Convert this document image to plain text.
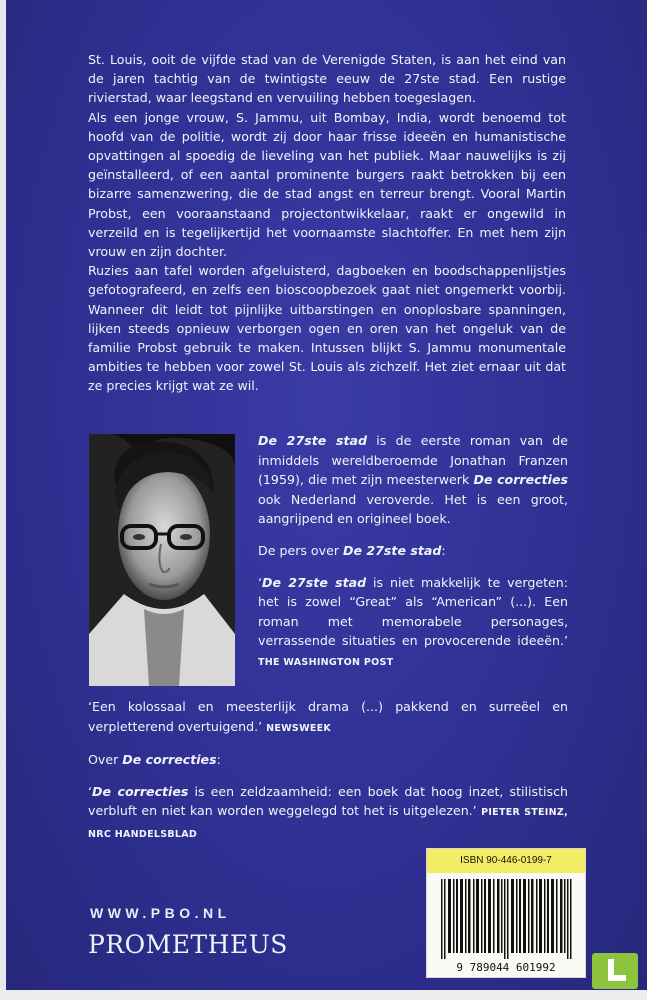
St. Louis, ooit de vijfde stad van de Verenigde Staten, is aan het eind van de jaren tachtig van de twintigste eeuw de 27ste stad. Een rustige rivierstad, waar leegstand en vervuiling hebben toegeslagen.

Als een jonge vrouw, S. Jammu, uit Bombay, India, wordt benoemd tot hoofd van de politie, wordt zij door haar frisse ideeën en humanistische opvattingen al spoedig de lieveling van het publiek. Maar nauwelijks is zij geïnstalleerd, of een aantal prominente burgers raakt betrokken bij een bizarre samenzwering, die de stad angst en terreur brengt. Vooral Martin Probst, een vooraanstaand projectontwikkelaar, raakt er ongewild in verzeild en is tegelijkertijd het voornaamste slachtoffer. En met hem zijn vrouw en zijn dochter.

Ruzies aan tafel worden afgeluisterd, dagboeken en boodschappenlijstjes gefotografeerd, en zelfs een bioscoopbezoek gaat niet ongemerkt voorbij. Wanneer dit leidt tot pijnlijke uitbarstingen en onoplosbare spanningen, lijken steeds opnieuw verborgen ogen en oren van het ongeluk van de familie Probst gebruik te maken. Intussen blijkt S. Jammu monumentale ambities te hebben voor zowel St. Louis als zichzelf. Het ziet ernaar uit dat ze precies krijgt wat ze wil.

De 27ste stad is de eerste roman van de inmiddels wereldberoemde Jonathan Franzen (1959), die met zijn meesterwerk De correcties ook Nederland veroverde. Het is een groot, aangrijpend en origineel boek.

De pers over De 27ste stad:

‘De 27ste stad is niet makkelijk te vergeten: het is zowel “Great” als “American” (...). Een roman met memorabele personages, verrassende situaties en provocerende ideeën.’ THE WASHINGTON POST

‘Een kolossaal en meesterlijk drama (...) pakkend en surreëel en verpletterend overtuigend.’ NEWSWEEK

Over De correcties:

‘De correcties is een zeldzaamheid: een boek dat hoog inzet, stilistisch verbluft en niet kan worden weggelegd tot het is uitgelezen.’ PIETER STEINZ, NRC HANDELSBLAD

WWW.PBO.NL
PROMETHEUS
ISBN 90-446-0199-7
9 789044 601992
